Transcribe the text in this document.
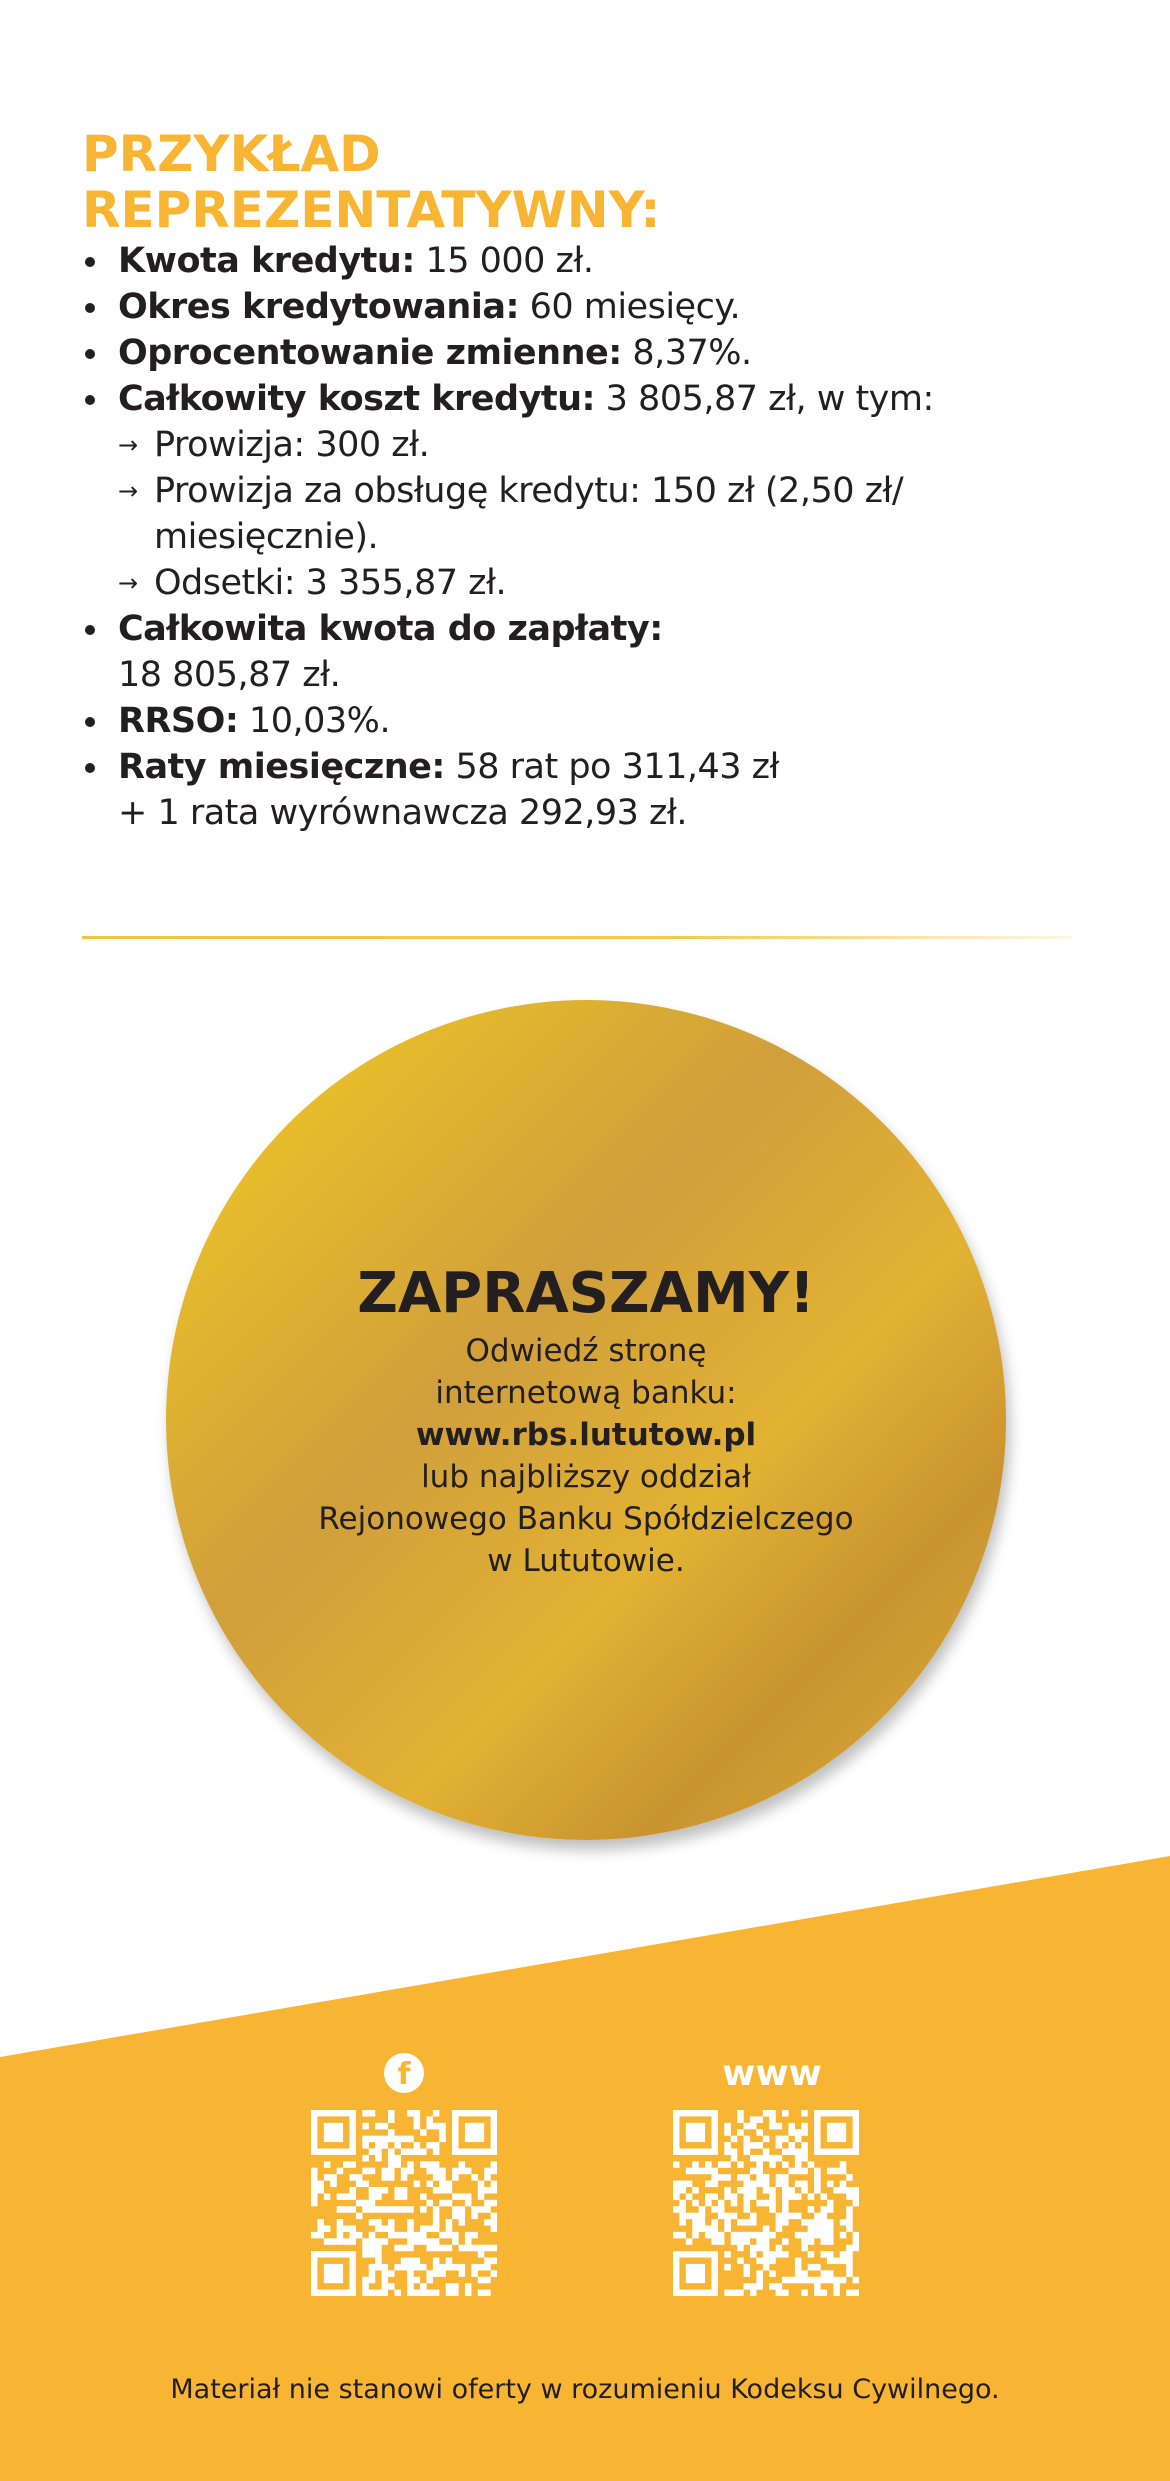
PRZYKŁAD
REPREZENTATYWNY:
Kwota kredytu: 15 000 zł.
Okres kredytowania: 60 miesięcy.
Oprocentowanie zmienne: 8,37%.
Całkowity koszt kredytu: 3 805,87 zł, w tym:
→ Prowizja: 300 zł.
→ Prowizja za obsługę kredytu: 150 zł (2,50 zł/
miesięcznie).
→ Odsetki: 3 355,87 zł.
Całkowita kwota do zapłaty:
18 805,87 zł.
RRSO: 10,03%.
Raty miesięczne: 58 rat po 311,43 zł
+ 1 rata wyrównawcza 292,93 zł.
ZAPRASZAMY!
Odwiedź stronę
internetową banku:
www.rbs.lututow.pl
lub najbliższy oddział
Rejonowego Banku Spółdzielczego
w Lututowie.
f	www
Materiał nie stanowi oferty w rozumieniu Kodeksu Cywilnego.
